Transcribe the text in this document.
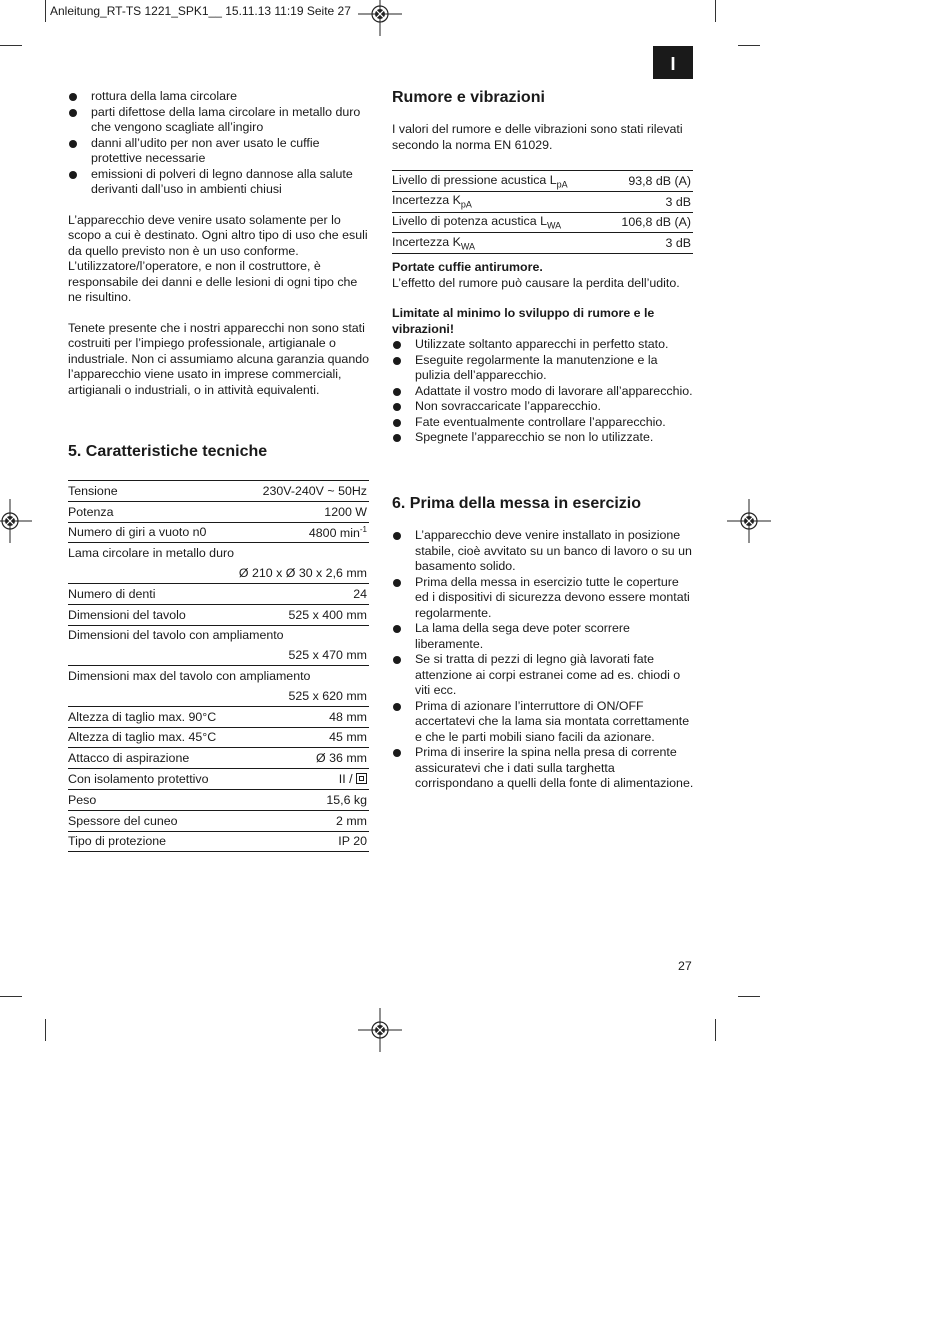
Anleitung_RT-TS 1221_SPK1__ 15.11.13 11:19 Seite 27
I
rottura della lama circolare
parti difettose della lama circolare in metallo duro che vengono scagliate all’ingiro
danni all’udito per non aver usato le cuffie protettive necessarie
emissioni di polveri di legno dannose alla salute derivanti dall’uso in ambienti chiusi

L’apparecchio deve venire usato solamente per lo scopo a cui è destinato. Ogni altro tipo di uso che esuli da quello previsto non è un uso conforme. L’utilizzatore/l’operatore, e non il costruttore, è responsabile dei danni e delle lesioni di ogni tipo che ne risultino.

Tenete presente che i nostri apparecchi non sono stati costruiti per l’impiego professionale, artigianale o industriale. Non ci assumiamo alcuna garanzia quando l’apparecchio viene usato in imprese commerciali, artigianali o industriali, o in attività equivalenti.

5. Caratteristiche tecniche
Tensione	230V-240V ~ 50Hz
Potenza	1200 W
Numero di giri a vuoto n0	4800 $\min^{-1}$
Lama circolare in metallo duro	
	Ø 210 x Ø 30 x 2,6 mm
Numero di denti	24
Dimensioni del tavolo	525 x 400 mm
Dimensioni del tavolo con ampliamento	
	525 x 470 mm
Dimensioni max del tavolo con ampliamento	
	525 x 620 mm
Altezza di taglio max. 90°C	48 mm
Altezza di taglio max. 45°C	45 mm
Attacco di aspirazione	Ø 36 mm
Con isolamento protettivo	II /
Peso	15,6 kg
Spessore del cuneo	2 mm
Tipo di protezione	IP 20
Rumore e vibrazioni
I valori del rumore e delle vibrazioni sono stati rilevati secondo la norma EN 61029.
Livello di pressione acustica $L_{pA}$	93,8 dB (A)
Incertezza $K_{pA}$	3 dB
Livello di potenza acustica $L_{WA}$	106,8 dB (A)
Incertezza $K_{WA}$	3 dB

Portate cuffie antirumore.

L’effetto del rumore può causare la perdita dell’udito.

Limitate al minimo lo sviluppo di rumore e le vibrazioni!

Utilizzate soltanto apparecchi in perfetto stato.
Eseguite regolarmente la manutenzione e la pulizia dell’apparecchio.
Adattate il vostro modo di lavorare all’apparecchio.
Non sovraccaricate l’apparecchio.
Fate eventualmente controllare l’apparecchio.
Spegnete l’apparecchio se non lo utilizzate.
6. Prima della messa in esercizio
L’apparecchio deve venire installato in posizione stabile, cioè avvitato su un banco di lavoro o su un basamento solido.
Prima della messa in esercizio tutte le coperture ed i dispositivi di sicurezza devono essere montati regolarmente.
La lama della sega deve poter scorrere liberamente.
Se si tratta di pezzi di legno già lavorati fate attenzione ai corpi estranei come ad es. chiodi o viti ecc.
Prima di azionare l’interruttore di ON/OFF accertatevi che la lama sia montata correttamente e che le parti mobili siano facili da azionare.
Prima di inserire la spina nella presa di corrente assicuratevi che i dati sulla targhetta corrispondano a quelli della fonte di alimentazione.
27
